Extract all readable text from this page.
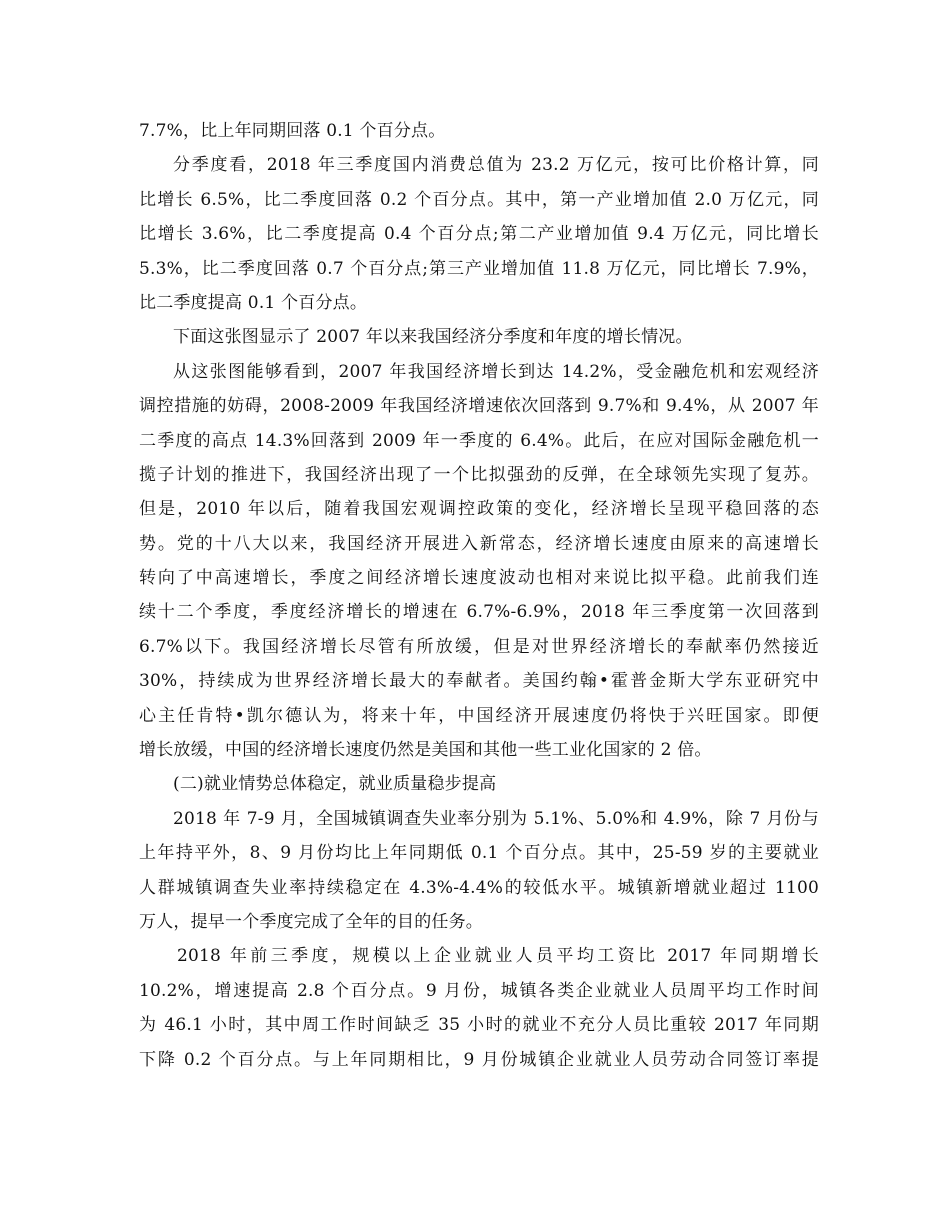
7.7%，比上年同期回落 0.1 个百分点。
分季度看，2018 年三季度国内消费总值为 23.2 万亿元，按可比价格计算，同
比增长 6.5%，比二季度回落 0.2 个百分点。其中，第一产业增加值 2.0 万亿元，同
比增长 3.6%，比二季度提高 0.4 个百分点;第二产业增加值 9.4 万亿元，同比增长
5.3%，比二季度回落 0.7 个百分点;第三产业增加值 11.8 万亿元，同比增长 7.9%，
比二季度提高 0.1 个百分点。
下面这张图显示了 2007 年以来我国经济分季度和年度的增长情况。
从这张图能够看到，2007 年我国经济增长到达 14.2%，受金融危机和宏观经济
调控措施的妨碍，2008-2009 年我国经济增速依次回落到 9.7%和 9.4%，从 2007 年
二季度的高点 14.3%回落到 2009 年一季度的 6.4%。此后，在应对国际金融危机一
揽子计划的推进下，我国经济出现了一个比拟强劲的反弹，在全球领先实现了复苏。
但是，2010 年以后，随着我国宏观调控政策的变化，经济增长呈现平稳回落的态
势。党的十八大以来，我国经济开展进入新常态，经济增长速度由原来的高速增长
转向了中高速增长，季度之间经济增长速度波动也相对来说比拟平稳。此前我们连
续十二个季度，季度经济增长的增速在 6.7%-6.9%，2018 年三季度第一次回落到
6.7%以下。我国经济增长尽管有所放缓，但是对世界经济增长的奉献率仍然接近
30%，持续成为世界经济增长最大的奉献者。美国约翰•霍普金斯大学东亚研究中
心主任肯特•凯尔德认为，将来十年，中国经济开展速度仍将快于兴旺国家。即便
增长放缓，中国的经济增长速度仍然是美国和其他一些工业化国家的 2 倍。
(二)就业情势总体稳定，就业质量稳步提高
2018 年 7-9 月，全国城镇调查失业率分别为 5.1%、5.0%和 4.9%，除 7 月份与
上年持平外，8、9 月份均比上年同期低 0.1 个百分点。其中，25-59 岁的主要就业
人群城镇调查失业率持续稳定在 4.3%-4.4%的较低水平。城镇新增就业超过 1100
万人，提早一个季度完成了全年的目的任务。
2018 年前三季度，规模以上企业就业人员平均工资比 2017 年同期增长
10.2%，增速提高 2.8 个百分点。9 月份，城镇各类企业就业人员周平均工作时间
为 46.1 小时，其中周工作时间缺乏 35 小时的就业不充分人员比重较 2017 年同期
下降 0.2 个百分点。与上年同期相比，9 月份城镇企业就业人员劳动合同签订率提
